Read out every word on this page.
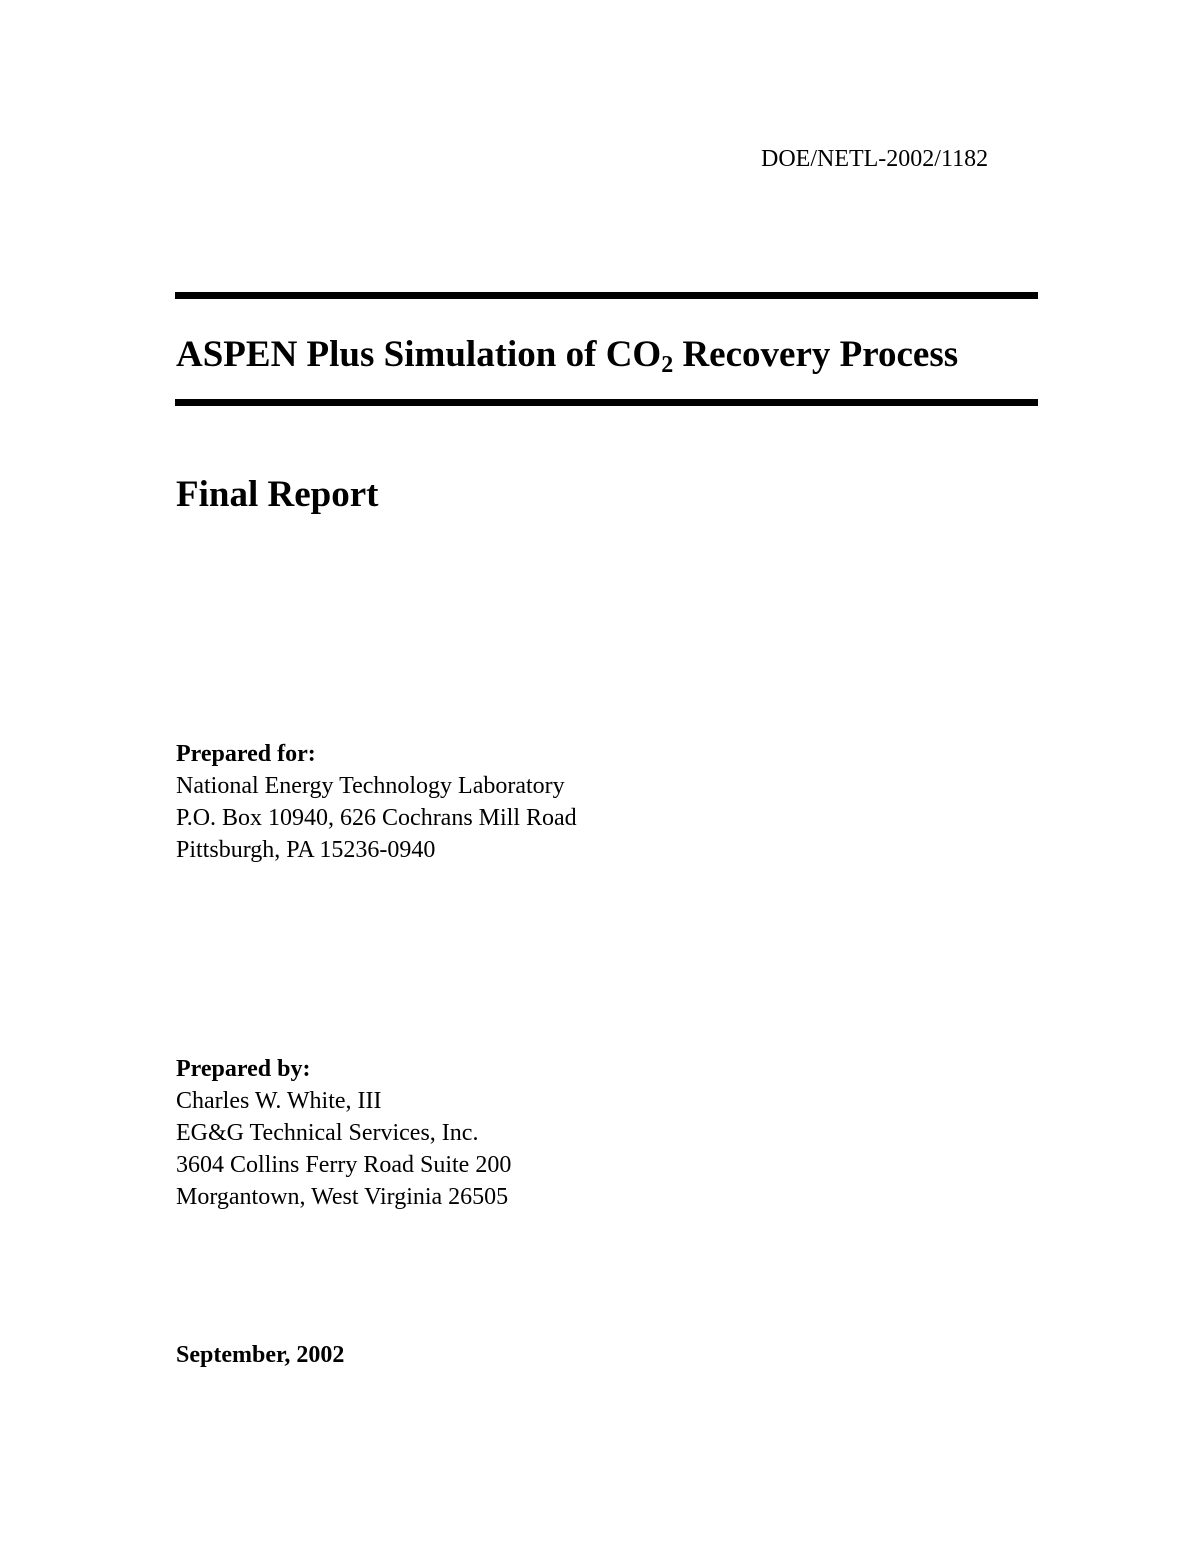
DOE/NETL-2002/1182
ASPEN Plus Simulation of $CO_2$ Recovery Process
Final Report
Prepared for:
National Energy Technology Laboratory
P.O. Box 10940, 626 Cochrans Mill Road
Pittsburgh, PA 15236-0940
Prepared by:
Charles W. White, III
EG&G Technical Services, Inc.
3604 Collins Ferry Road Suite 200
Morgantown, West Virginia 26505
September, 2002
